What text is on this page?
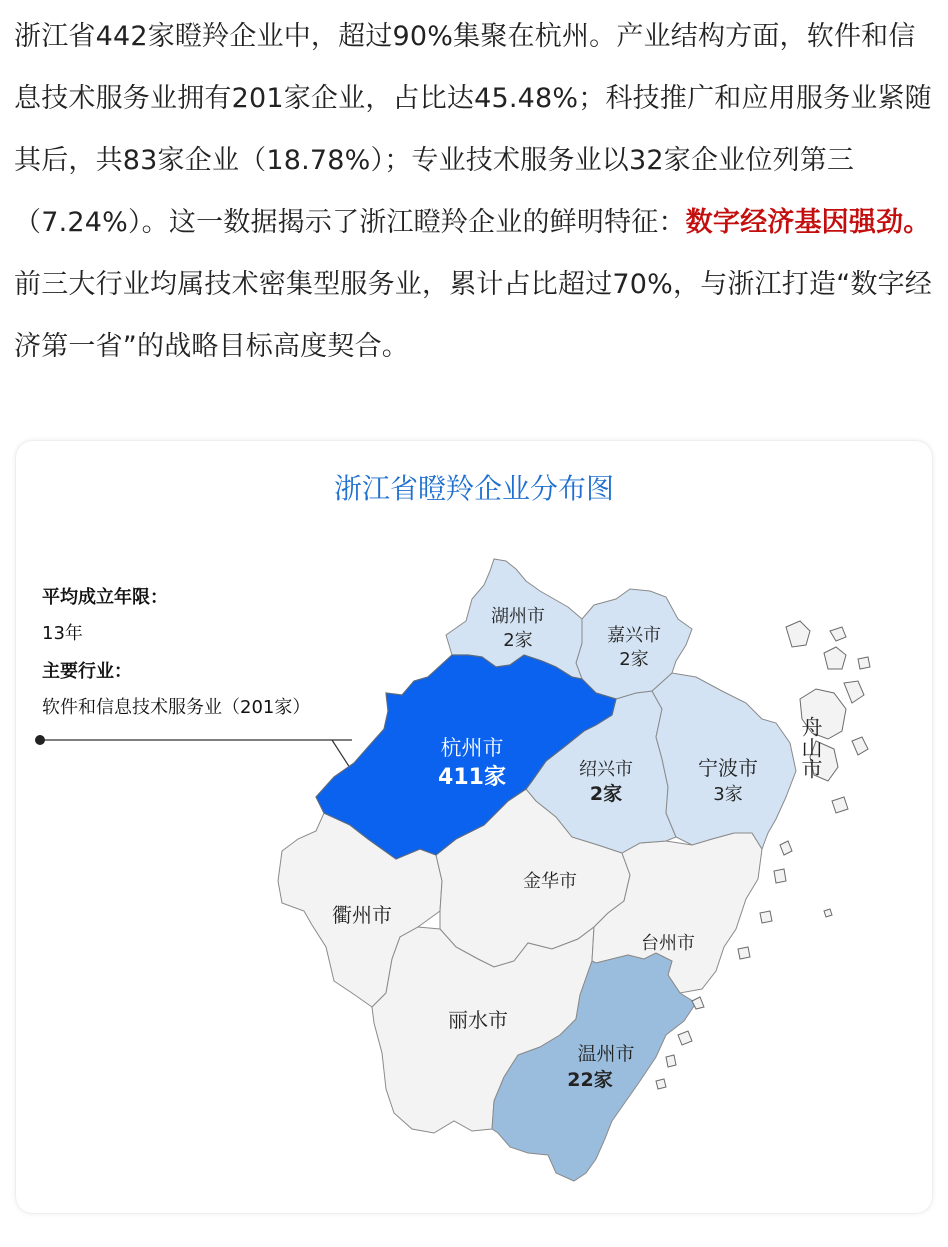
浙江省442家瞪羚企业中，超过90%集聚在杭州。产业结构方面，软件和信息技术服务业拥有201家企业，占比达45.48%；科技推广和应用服务业紧随其后，共83家企业（18.78%）；专业技术服务业以32家企业位列第三（7.24%）。这一数据揭示了浙江瞪羚企业的鲜明特征：数字经济基因强劲。前三大行业均属技术密集型服务业，累计占比超过70%，与浙江打造“数字经济第一省”的战略目标高度契合。

浙江省瞪羚企业分布图
平均成立年限：
13年
主要行业：
软件和信息技术服务业（201家）
湖州市
2家	嘉兴市
2家
杭州市
411家	绍兴市
2家
宁波市
3家
舟山市
金华市
衢州市
台州市
丽水市
温州市
22家
